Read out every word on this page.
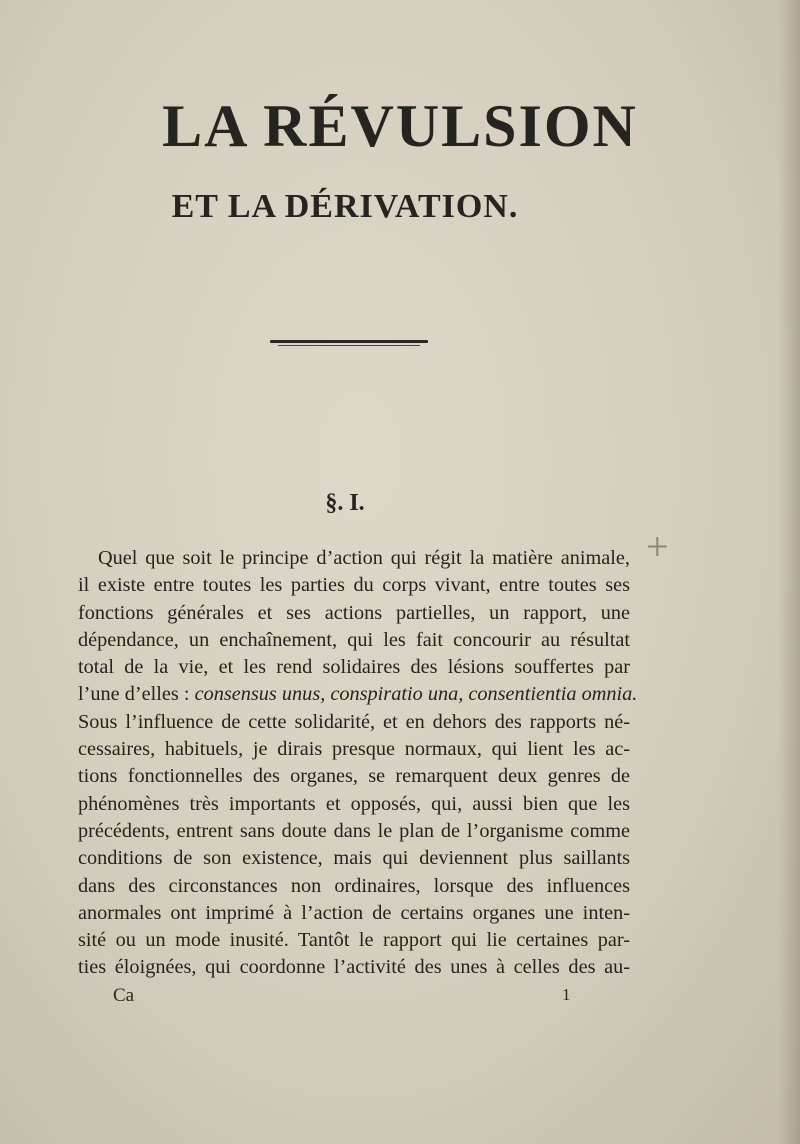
LA RÉVULSION
ET LA DÉRIVATION.
§. I.
Quel que soit le principe d’action qui régit la matière animale,
il existe entre toutes les parties du corps vivant, entre toutes ses
fonctions générales et ses actions partielles, un rapport, une
dépendance, un enchaînement, qui les fait concourir au résultat
total de la vie, et les rend solidaires des lésions souffertes par
l’une d’elles : consensus unus, conspiratio una, consentientia omnia.
Sous l’influence de cette solidarité, et en dehors des rapports né-
cessaires, habituels, je dirais presque normaux, qui lient les ac-
tions fonctionnelles des organes, se remarquent deux genres de
phénomènes très importants et opposés, qui, aussi bien que les
précédents, entrent sans doute dans le plan de l’organisme comme
conditions de son existence, mais qui deviennent plus saillants
dans des circonstances non ordinaires, lorsque des influences
anormales ont imprimé à l’action de certains organes une inten-
sité ou un mode inusité. Tantôt le rapport qui lie certaines par-
ties éloignées, qui coordonne l’activité des unes à celles des au-
Ca	1
+
